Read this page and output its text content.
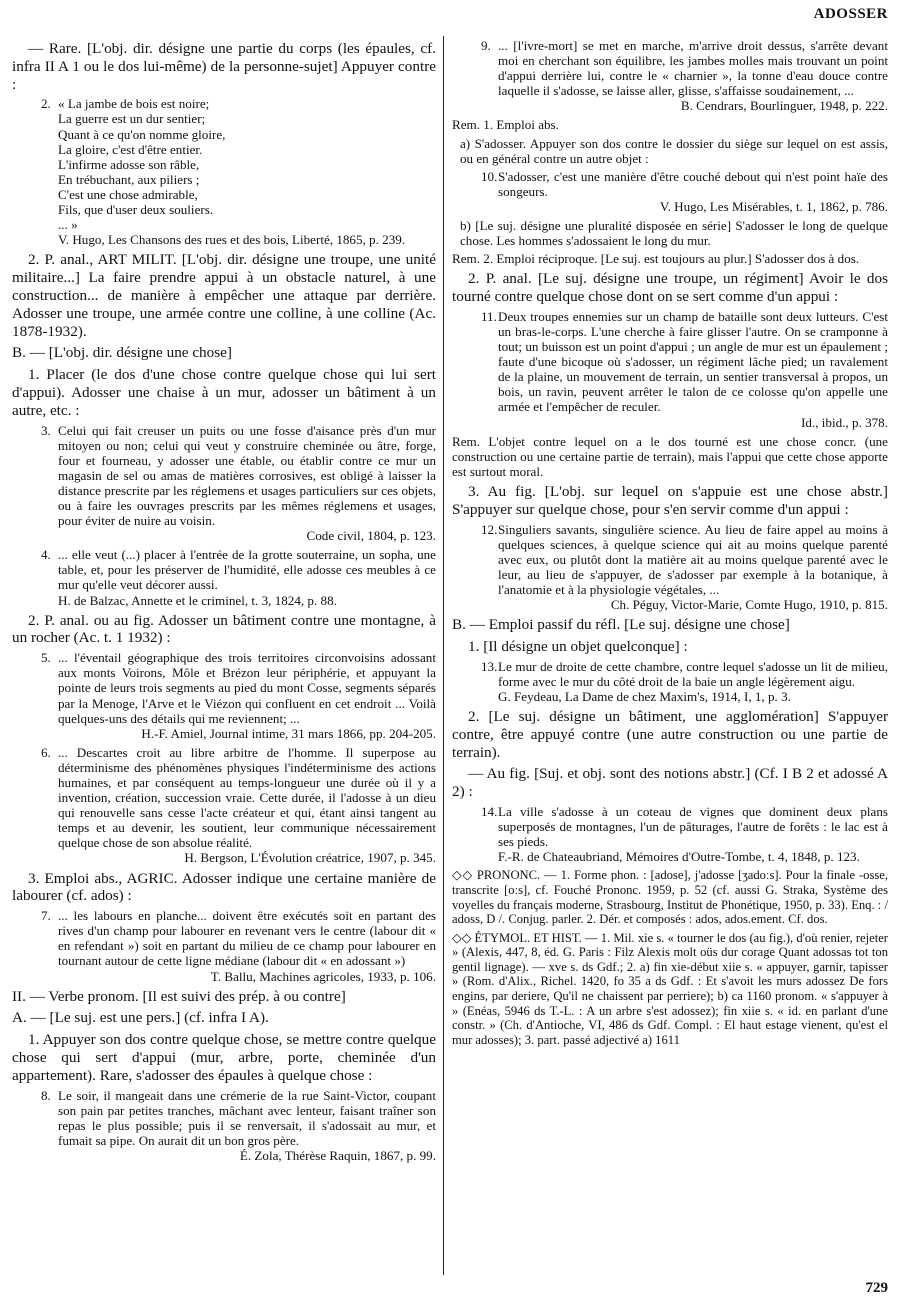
ADOSSER

— Rare. [L'obj. dir. désigne une partie du corps (les épaules, cf. infra II A 1 ou le dos lui-même) de la personne-sujet] Appuyer contre :

2. « La jambe de bois est noire;
La guerre est un dur sentier;
Quant à ce qu'on nomme gloire,
La gloire, c'est d'être entier.
L'infirme adosse son râble,
En trébuchant, aux piliers ;
C'est une chose admirable,
Fils, que d'user deux souliers.
... »
V. Hugo, Les Chansons des rues et des bois, Liberté, 1865, p. 239.

2. P. anal., ART MILIT. [L'obj. dir. désigne une troupe, une unité militaire...] La faire prendre appui à un obstacle naturel, à une construction... de manière à empêcher une attaque par derrière. Adosser une troupe, une armée contre une colline, à une colline (Ac. 1878-1932).

B. — [L'obj. dir. désigne une chose]

1. Placer (le dos d'une chose contre quelque chose qui lui sert d'appui). Adosser une chaise à un mur, adosser un bâtiment à un autre, etc. :

3. Celui qui fait creuser un puits ou une fosse d'aisance près d'un mur mitoyen ou non; celui qui veut y construire cheminée ou âtre, forge, four et fourneau, y adosser une étable, ou établir contre ce mur un magasin de sel ou amas de matières corrosives, est obligé à laisser la distance prescrite par les réglemens et usages particuliers sur ces objets, ou à faire les ouvrages prescrits par les mêmes réglemens et usages, pour éviter de nuire au voisin.
Code civil, 1804, p. 123.
4. ... elle veut (...) placer à l'entrée de la grotte souterraine, un sopha, une table, et, pour les préserver de l'humidité, elle adosse ces meubles à ce mur qu'elle veut décorer aussi.
H. de Balzac, Annette et le criminel, t. 3, 1824, p. 88.

2. P. anal. ou au fig. Adosser un bâtiment contre une montagne, à un rocher (Ac. t. 1 1932) :

5. ... l'éventail géographique des trois territoires circonvoisins adossant aux monts Voirons, Môle et Brézon leur périphérie, et appuyant la pointe de leurs trois segments au pied du mont Cosse, segments séparés par la Menoge, l'Arve et le Viézon qui confluent en cet endroit ... Voilà quelques-uns des détails qui me reviennent; ...
H.-F. Amiel, Journal intime, 31 mars 1866, pp. 204-205.
6. ... Descartes croit au libre arbitre de l'homme. Il superpose au déterminisme des phénomènes physiques l'indéterminisme des actions humaines, et par conséquent au temps-longueur une durée où il y a invention, création, succession vraie. Cette durée, il l'adosse à un dieu qui renouvelle sans cesse l'acte créateur et qui, étant ainsi tangent au temps et au devenir, les soutient, leur communique nécessairement quelque chose de son absolue réalité.
H. Bergson, L'Évolution créatrice, 1907, p. 345.

3. Emploi abs., AGRIC. Adosser indique une certaine manière de labourer (cf. ados) :

7. ... les labours en planche... doivent être exécutés soit en partant des rives d'un champ pour labourer en revenant vers le centre (labour dit « en refendant ») soit en partant du milieu de ce champ pour labourer en tournant autour de cette ligne médiane (labour dit « en adossant »)
T. Ballu, Machines agricoles, 1933, p. 106.

II. — Verbe pronom. [Il est suivi des prép. à ou contre]

A. — [Le suj. est une pers.] (cf. infra I A).

1. Appuyer son dos contre quelque chose, se mettre contre quelque chose qui sert d'appui (mur, arbre, porte, cheminée d'un appartement). Rare, s'adosser des épaules à quelque chose :

8. Le soir, il mangeait dans une crémerie de la rue Saint-Victor, coupant son pain par petites tranches, mâchant avec lenteur, faisant traîner son repas le plus possible; puis il se renversait, il s'adossait au mur, et fumait sa pipe. On aurait dit un bon gros père.
É. Zola, Thérèse Raquin, 1867, p. 99.
9. ... [l'ivre-mort] se met en marche, m'arrive droit dessus, s'arrête devant moi en cherchant son équilibre, les jambes molles mais trouvant un point d'appui derrière lui, contre le « charnier », la tonne d'eau douce contre laquelle il s'adosse, se laisse aller, glisse, s'affaisse soudainement, ...
B. Cendrars, Bourlinguer, 1948, p. 222.

Rem. 1. Emploi abs.

a) S'adosser. Appuyer son dos contre le dossier du siège sur lequel on est assis, ou en général contre un autre objet :

10. S'adosser, c'est une manière d'être couché debout qui n'est point haïe des songeurs.
V. Hugo, Les Misérables, t. 1, 1862, p. 786.

b) [Le suj. désigne une pluralité disposée en série] S'adosser le long de quelque chose. Les hommes s'adossaient le long du mur.

Rem. 2. Emploi réciproque. [Le suj. est toujours au plur.] S'adosser dos à dos.

2. P. anal. [Le suj. désigne une troupe, un régiment] Avoir le dos tourné contre quelque chose dont on se sert comme d'un appui :

11. Deux troupes ennemies sur un champ de bataille sont deux lutteurs. C'est un bras-le-corps. L'une cherche à faire glisser l'autre. On se cramponne à tout; un buisson est un point d'appui ; un angle de mur est un épaulement ; faute d'une bicoque où s'adosser, un régiment lâche pied; un ravalement de la plaine, un mouvement de terrain, un sentier transversal à propos, un bois, un ravin, peuvent arrêter le talon de ce colosse qu'on appelle une armée et l'empêcher de reculer.
Id., ibid., p. 378.

Rem. L'objet contre lequel on a le dos tourné est une chose concr. (une construction ou une certaine partie de terrain), mais l'appui que cette chose apporte est surtout moral.

3. Au fig. [L'obj. sur lequel on s'appuie est une chose abstr.] S'appuyer sur quelque chose, pour s'en servir comme d'un appui :

12. Singuliers savants, singulière science. Au lieu de faire appel au moins à quelques sciences, à quelque science qui ait au moins quelque parenté avec eux, ou plutôt dont la matière ait au moins quelque parenté avec le leur, au lieu de s'appuyer, de s'adosser par exemple à la botanique, à l'anatomie et à la physiologie végétales, ...
Ch. Péguy, Victor-Marie, Comte Hugo, 1910, p. 815.

B. — Emploi passif du réfl. [Le suj. désigne une chose]

1. [Il désigne un objet quelconque] :

13. Le mur de droite de cette chambre, contre lequel s'adosse un lit de milieu, forme avec le mur du côté droit de la baie un angle légèrement aigu.
G. Feydeau, La Dame de chez Maxim's, 1914, I, 1, p. 3.

2. [Le suj. désigne un bâtiment, une agglomération] S'appuyer contre, être appuyé contre (une autre construction ou une partie de terrain).

— Au fig. [Suj. et obj. sont des notions abstr.] (Cf. I B 2 et adossé A 2) :

14. La ville s'adosse à un coteau de vignes que dominent deux plans superposés de montagnes, l'un de pâturages, l'autre de forêts : le lac est à ses pieds.
F.-R. de Chateaubriand, Mémoires d'Outre-Tombe, t. 4, 1848, p. 123.

◇◇ PRONONC. — 1. Forme phon. : [adose], j'adosse [ʒadoːs]. Pour la finale -osse, transcrite [oːs], cf. Fouché Prononc. 1959, p. 52 (cf. aussi G. Straka, Système des voyelles du français moderne, Strasbourg, Institut de Phonétique, 1950, p. 33). Enq. : / adoss, D /. Conjug. parler. 2. Dér. et composés : ados, ados.ement. Cf. dos.

◇◇ ÉTYMOL. ET HIST. — 1. Mil. xie s. « tourner le dos (au fig.), d'où renier, rejeter » (Alexis, 447, 8, éd. G. Paris : Filz Alexis molt oüs dur corage Quant adossas tot ton gentil lignage). — xve s. ds Gdf.; 2. a) fin xie-début xiie s. « appuyer, garnir, tapisser » (Rom. d'Alix., Richel. 1420, fo 35 a ds Gdf. : Et s'avoit les murs adossez De fors engins, par deriere, Qu'il ne chaissent par perriere); b) ca 1160 pronom. « s'appuyer à » (Enéas, 5946 ds T.-L. : A un arbre s'est adossez); fin xiie s. « id. en parlant d'une constr. » (Ch. d'Antioche, VI, 486 ds Gdf. Compl. : El haut estage vienent, qu'est el mur adosses); 3. part. passé adjectivé a) 1611

729
